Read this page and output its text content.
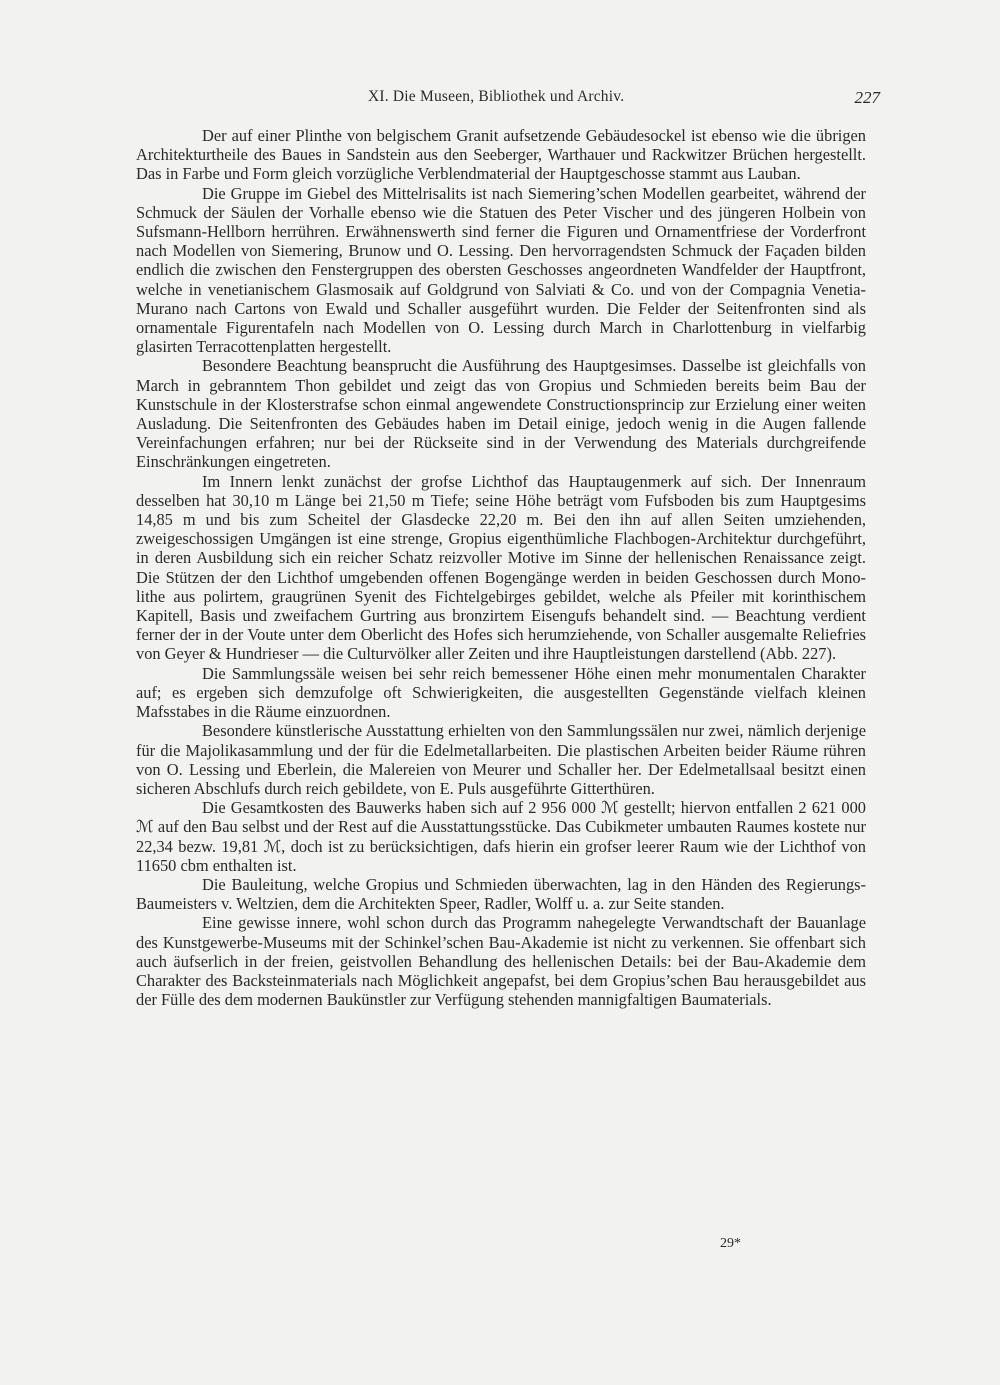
XI. Die Museen, Bibliothek und Archiv.	227

Der auf einer Plinthe von belgischem Granit aufsetzende Gebäudesockel ist ebenso wie die übrigen Architekturtheile des Baues in Sandstein aus den Seeberger, Warthauer und Rackwitzer Brüchen hergestellt. Das in Farbe und Form gleich vorzügliche Verblendmaterial der Hauptgeschosse stammt aus Lauban.

Die Gruppe im Giebel des Mittelrisalits ist nach Siemering’schen Modellen gearbeitet, während der Schmuck der Säulen der Vorhalle ebenso wie die Statuen des Peter Vischer und des jüngeren Holbein von Sufsmann-Hellborn herrühren. Erwähnenswerth sind ferner die Figuren und Ornamentfriese der Vorderfront nach Modellen von Siemering, Brunow und O. Lessing. Den hervorragendsten Schmuck der Façaden bilden endlich die zwischen den Fenstergruppen des obersten Geschosses angeordneten Wandfelder der Hauptfront, welche in venetianischem Glasmosaik auf Goldgrund von Salviati & Co. und von der Compagnia Venetia-Murano nach Cartons von Ewald und Schaller ausgeführt wurden. Die Felder der Seitenfronten sind als ornamentale Figurentafeln nach Modellen von O. Lessing durch March in Charlottenburg in vielfarbig glasirten Terracottenplatten hergestellt.

Besondere Beachtung beansprucht die Ausführung des Hauptgesimses. Dasselbe ist gleichfalls von March in gebranntem Thon gebildet und zeigt das von Gropius und Schmieden bereits beim Bau der Kunstschule in der Klosterstrafse schon einmal angewendete Constructionsprincip zur Erzielung einer weiten Ausladung. Die Seitenfronten des Gebäudes haben im Detail einige, jedoch wenig in die Augen fallende Vereinfachungen erfahren; nur bei der Rückseite sind in der Verwendung des Materials durchgreifende Einschränkungen eingetreten.

Im Innern lenkt zunächst der grofse Lichthof das Hauptaugenmerk auf sich. Der Innenraum desselben hat 30,10 m Länge bei 21,50 m Tiefe; seine Höhe beträgt vom Fufsboden bis zum Hauptgesims 14,85 m und bis zum Scheitel der Glasdecke 22,20 m. Bei den ihn auf allen Seiten umziehenden, zweigeschossigen Umgängen ist eine strenge, Gropius eigenthümliche Flachbogen-Architektur durchgeführt, in deren Ausbildung sich ein reicher Schatz reizvoller Motive im Sinne der hellenischen Renaissance zeigt. Die Stützen der den Lichthof umgebenden offenen Bogengänge werden in beiden Geschossen durch Monolithe aus polirtem, graugrünen Syenit des Fichtelgebirges gebildet, welche als Pfeiler mit korinthischem Kapitell, Basis und zweifachem Gurtring aus bronzirtem Eisengufs behandelt sind. — Beachtung verdient ferner der in der Voute unter dem Oberlicht des Hofes sich herumziehende, von Schaller ausgemalte Reliefries von Geyer & Hundrieser — die Culturvölker aller Zeiten und ihre Hauptleistungen darstellend (Abb. 227).

Die Sammlungssäle weisen bei sehr reich bemessener Höhe einen mehr monumentalen Charakter auf; es ergeben sich demzufolge oft Schwierigkeiten, die ausgestellten Gegenstände vielfach kleinen Mafsstabes in die Räume einzuordnen.

Besondere künstlerische Ausstattung erhielten von den Sammlungssälen nur zwei, nämlich derjenige für die Majolikasammlung und der für die Edelmetallarbeiten. Die plastischen Arbeiten beider Räume rühren von O. Lessing und Eberlein, die Malereien von Meurer und Schaller her. Der Edelmetallsaal besitzt einen sicheren Abschlufs durch reich gebildete, von E. Puls ausgeführte Gitterthüren.

Die Gesamtkosten des Bauwerks haben sich auf 2 956 000 ℳ gestellt; hiervon entfallen 2 621 000 ℳ auf den Bau selbst und der Rest auf die Ausstattungsstücke. Das Cubikmeter umbauten Raumes kostete nur 22,34 bezw. 19,81 ℳ, doch ist zu berücksichtigen, dafs hierin ein grofser leerer Raum wie der Lichthof von 11650 cbm enthalten ist.

Die Bauleitung, welche Gropius und Schmieden überwachten, lag in den Händen des Regierungs-Baumeisters v. Weltzien, dem die Architekten Speer, Radler, Wolff u. a. zur Seite standen.

Eine gewisse innere, wohl schon durch das Programm nahegelegte Verwandtschaft der Bauanlage des Kunstgewerbe-Museums mit der Schinkel’schen Bau-Akademie ist nicht zu verkennen. Sie offenbart sich auch äufserlich in der freien, geistvollen Behandlung des hellenischen Details: bei der Bau-Akademie dem Charakter des Backsteinmaterials nach Möglichkeit angepafst, bei dem Gropius’schen Bau herausgebildet aus der Fülle des dem modernen Baukünstler zur Verfügung stehenden mannigfaltigen Baumaterials.

29*
